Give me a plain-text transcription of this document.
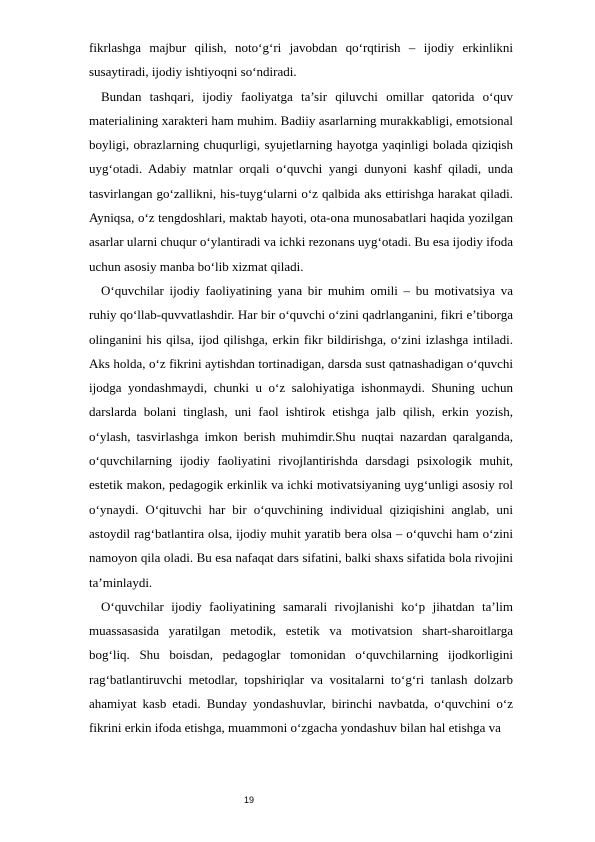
fikrlashga majbur qilish, noto‘g‘ri javobdan qo‘rqtirish – ijodiy erkinlikni susaytiradi, ijodiy ishtiyoqni so‘ndiradi.

Bundan tashqari, ijodiy faoliyatga ta’sir qiluvchi omillar qatorida o‘quv materialining xarakteri ham muhim. Badiiy asarlarning murakkabligi, emotsional boyligi, obrazlarning chuqurligi, syujetlarning hayotga yaqinligi bolada qiziqish uyg‘otadi. Adabiy matnlar orqali o‘quvchi yangi dunyoni kashf qiladi, unda tasvirlangan go‘zallikni, his-tuyg‘ularni o‘z qalbida aks ettirishga harakat qiladi. Ayniqsa, o‘z tengdoshlari, maktab hayoti, ota-ona munosabatlari haqida yozilgan asarlar ularni chuqur o‘ylantiradi va ichki rezonans uyg‘otadi. Bu esa ijodiy ifoda uchun asosiy manba bo‘lib xizmat qiladi.

O‘quvchilar ijodiy faoliyatining yana bir muhim omili – bu motivatsiya va ruhiy qo‘llab-quvvatlashdir. Har bir o‘quvchi o‘zini qadrlanganini, fikri e’tiborga olinganini his qilsa, ijod qilishga, erkin fikr bildirishga, o‘zini izlashga intiladi. Aks holda, o‘z fikrini aytishdan tortinadigan, darsda sust qatnashadigan o‘quvchi ijodga yondashmaydi, chunki u o‘z salohiyatiga ishonmaydi. Shuning uchun darslarda bolani tinglash, uni faol ishtirok etishga jalb qilish, erkin yozish, o‘ylash, tasvirlashga imkon berish muhimdir.Shu nuqtai nazardan qaralganda, o‘quvchilarning ijodiy faoliyatini rivojlantirishda darsdagi psixologik muhit, estetik makon, pedagogik erkinlik va ichki motivatsiyaning uyg‘unligi asosiy rol o‘ynaydi. O‘qituvchi har bir o‘quvchining individual qiziqishini anglab, uni astoydil rag‘batlantira olsa, ijodiy muhit yaratib bera olsa – o‘quvchi ham o‘zini namoyon qila oladi. Bu esa nafaqat dars sifatini, balki shaxs sifatida bola rivojini ta’minlaydi.

O‘quvchilar ijodiy faoliyatining samarali rivojlanishi ko‘p jihatdan ta’lim muassasasida yaratilgan metodik, estetik va motivatsion shart-sharoitlarga bog‘liq. Shu boisdan, pedagoglar tomonidan o‘quvchilarning ijodkorligini rag‘batlantiruvchi metodlar, topshiriqlar va vositalarni to‘g‘ri tanlash dolzarb ahamiyat kasb etadi. Bunday yondashuvlar, birinchi navbatda, o‘quvchini o‘z fikrini erkin ifoda etishga, muammoni o‘zgacha yondashuv bilan hal etishga va

19
